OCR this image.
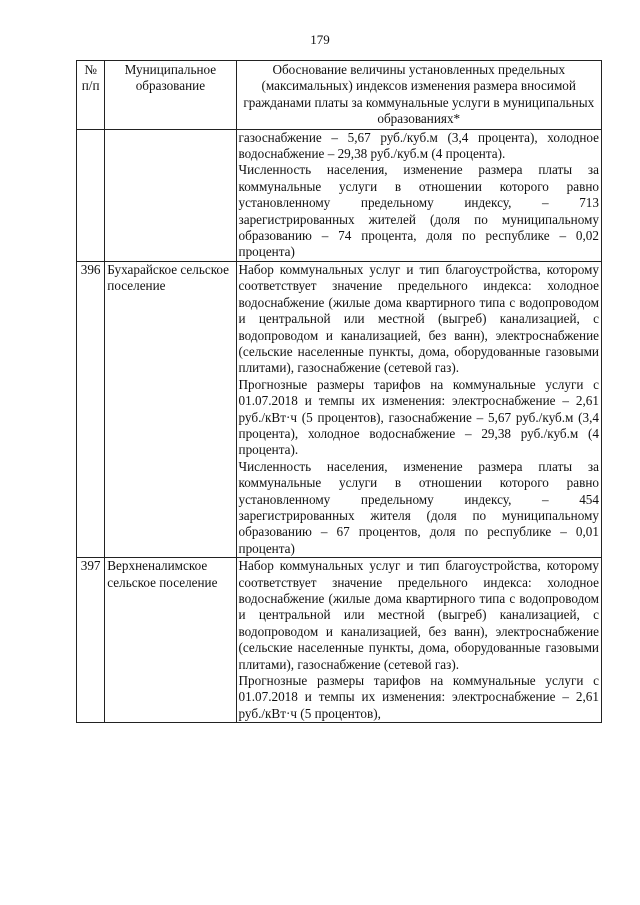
179
№ п/п	Муниципальное образование	Обоснование величины установленных предельных (максимальных) индексов изменения размера вносимой гражданами платы за коммунальные услуги в муниципальных образованиях*

		газоснабжение – 5,67 руб./куб.м (3,4 процента), холодное водоснабжение – 29,38 руб./куб.м (4 процента).

Численность населения, изменение размера платы за коммунальные услуги в отношении которого равно установленному предельному индексу, – 713 зарегистрированных жителей (доля по муниципальному образованию – 74 процента, доля по республике – 0,02 процента)

396	Бухарайское сельское поселение	Набор коммунальных услуг и тип благоустройства, которому соответствует значение предельного индекса: холодное водоснабжение (жилые дома квартирного типа с водопроводом и центральной или местной (выгреб) канализацией, с водопроводом и канализацией, без ванн), электроснабжение (сельские населенные пункты, дома, оборудованные газовыми плитами), газоснабжение (сетевой газ).

Прогнозные размеры тарифов на коммунальные услуги с 01.07.2018 и темпы их изменения: электроснабжение – 2,61 руб./кВт·ч (5 процентов), газоснабжение – 5,67 руб./куб.м (3,4 процента), холодное водоснабжение – 29,38 руб./куб.м (4 процента).

Численность населения, изменение размера платы за коммунальные услуги в отношении которого равно установленному предельному индексу, – 454 зарегистрированных жителя (доля по муниципальному образованию – 67 процентов, доля по республике – 0,01 процента)

397	Верхненалимское сельское поселение	Набор коммунальных услуг и тип благоустройства, которому соответствует значение предельного индекса: холодное водоснабжение (жилые дома квартирного типа с водопроводом и центральной или местной (выгреб) канализацией, с водопроводом и канализацией, без ванн), электроснабжение (сельские населенные пункты, дома, оборудованные газовыми плитами), газоснабжение (сетевой газ).

Прогнозные размеры тарифов на коммунальные услуги с 01.07.2018 и темпы их изменения: электроснабжение – 2,61 руб./кВт·ч (5 процентов),
